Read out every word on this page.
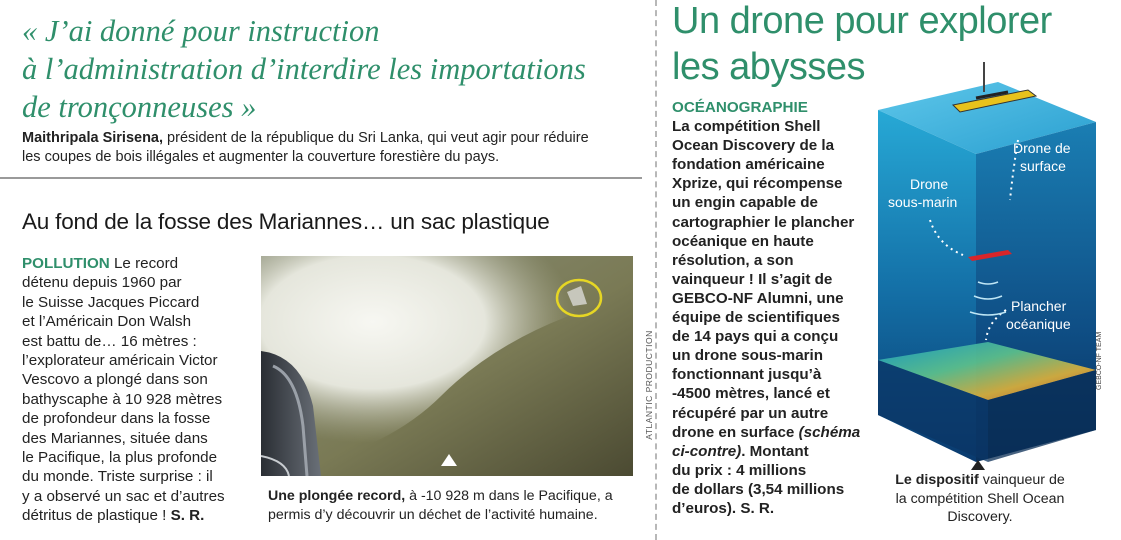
« J’ai donné pour instruction
à l’administration d’interdire les importations
de tronçonneuses »
Maithripala Sirisena, président de la république du Sri Lanka, qui veut agir pour réduire
les coupes de bois illégales et augmenter la couverture forestière du pays.
Au fond de la fosse des Mariannes… un sac plastique
POLLUTION Le record
détenu depuis 1960 par
le Suisse Jacques Piccard
et l’Américain Don Walsh
est battu de… 16 mètres :
l’explorateur américain Victor
Vescovo a plongé dans son
bathyscaphe à 10 928 mètres
de profondeur dans la fosse
des Mariannes, située dans
le Pacifique, la plus profonde
du monde. Triste surprise : il
y a observé un sac et d’autres
détritus de plastique ! S. R.
ATLANTIC PRODUCTION
Une plongée record, à -10 928 m dans le Pacifique, a
permis d’y découvrir un déchet de l’activité humaine.
Un drone pour explorer
les abysses
OCÉANOGRAPHIE
La compétition Shell
Ocean Discovery de la
fondation américaine
Xprize, qui récompense
un engin capable de
cartographier le plancher
océanique en haute
résolution, a son
vainqueur ! Il s’agit de
GEBCO-NF Alumni, une
équipe de scientifiques
de 14 pays qui a conçu
un drone sous-marin
fonctionnant jusqu’à
-4500 mètres, lancé et
récupéré par un autre
drone en surface (schéma
ci-contre). Montant
du prix : 4 millions
de dollars (3,54 millions
d’euros). S. R.
Drone de
surface
Drone
sous-marin
Plancher
océanique
GEBCO-NF TEAM
Le dispositif vainqueur de
la compétition Shell Ocean
Discovery.
